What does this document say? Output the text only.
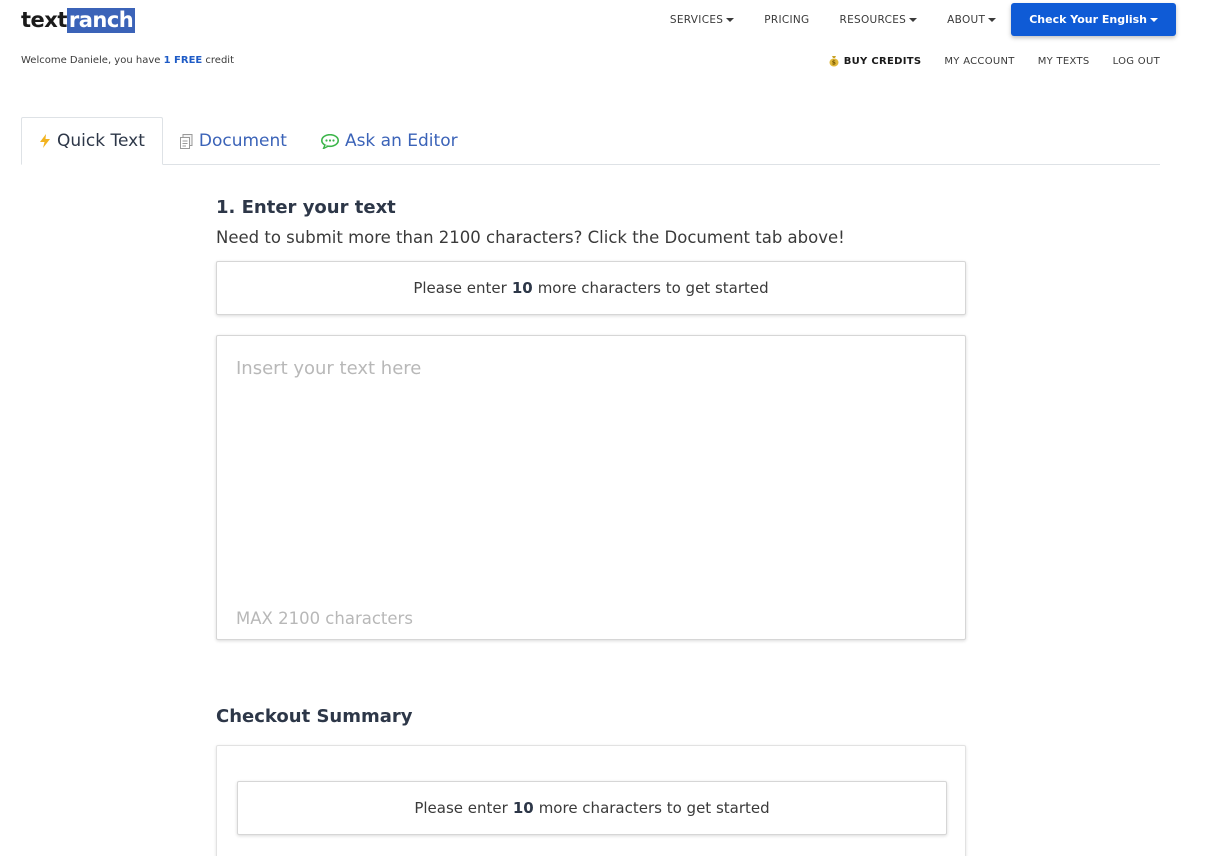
text ranch	SERVICES	PRICING	RESOURCES	ABOUT	Check Your English
Welcome Daniele, you have 1 FREE credit	$ BUY CREDITS MY ACCOUNT MY TEXTS LOG OUT
Quick Text	Document	Ask an Editor
1. Enter your text

Need to submit more than 2100 characters? Click the Document tab above!

Please enter 10 more characters to get started
Insert your text here
MAX 2100 characters
Checkout Summary
Please enter 10 more characters to get started
